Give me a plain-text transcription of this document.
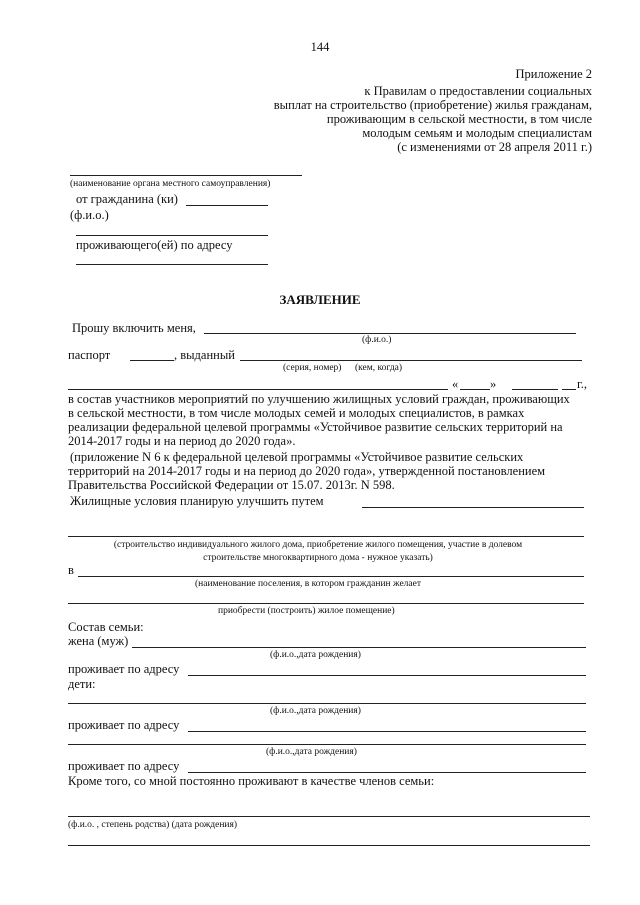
144
Приложение 2
к Правилам о предоставлении социальных
выплат на строительство (приобретение) жилья гражданам,
проживающим в сельской местности, в том числе
молодым семьям и молодым специалистам
(с изменениями от 28 апреля 2011 г.)
(наименование органа местного самоуправления)
от гражданина (ки)
(ф.и.о.)
проживающего(ей) по адресу
ЗАЯВЛЕНИЕ
Прошу включить меня,
(ф.и.о.)
паспорт	, выданный
(серия, номер) (кем, когда)
«	»	г.,
в состав участников мероприятий по улучшению жилищных условий граждан, проживающих
в сельской местности, в том числе молодых семей и молодых специалистов, в рамках
реализации федеральной целевой программы «Устойчивое развитие сельских территорий на
2014-2017 годы и на период до 2020 года».
(приложение N 6 к федеральной целевой программы «Устойчивое развитие сельских
территорий на 2014-2017 годы и на период до 2020 года», утвержденной постановлением
Правительства Российской Федерации от 15.07. 2013г. N 598.
Жилищные условия планирую улучшить путем
(строительство индивидуального жилого дома, приобретение жилого помещения, участие в долевом
строительстве многоквартирного дома - нужное указать)
в
(наименование поселения, в котором гражданин желает
приобрести (построить) жилое помещение)
Состав семьи:
жена (муж)
(ф.и.о.,дата рождения)
проживает по адресу
дети:
(ф.и.о.,дата рождения)
проживает по адресу
(ф.и.о.,дата рождения)
проживает по адресу
Кроме того, со мной постоянно проживают в качестве членов семьи:
(ф.и.о. , степень родства) (дата рождения)
